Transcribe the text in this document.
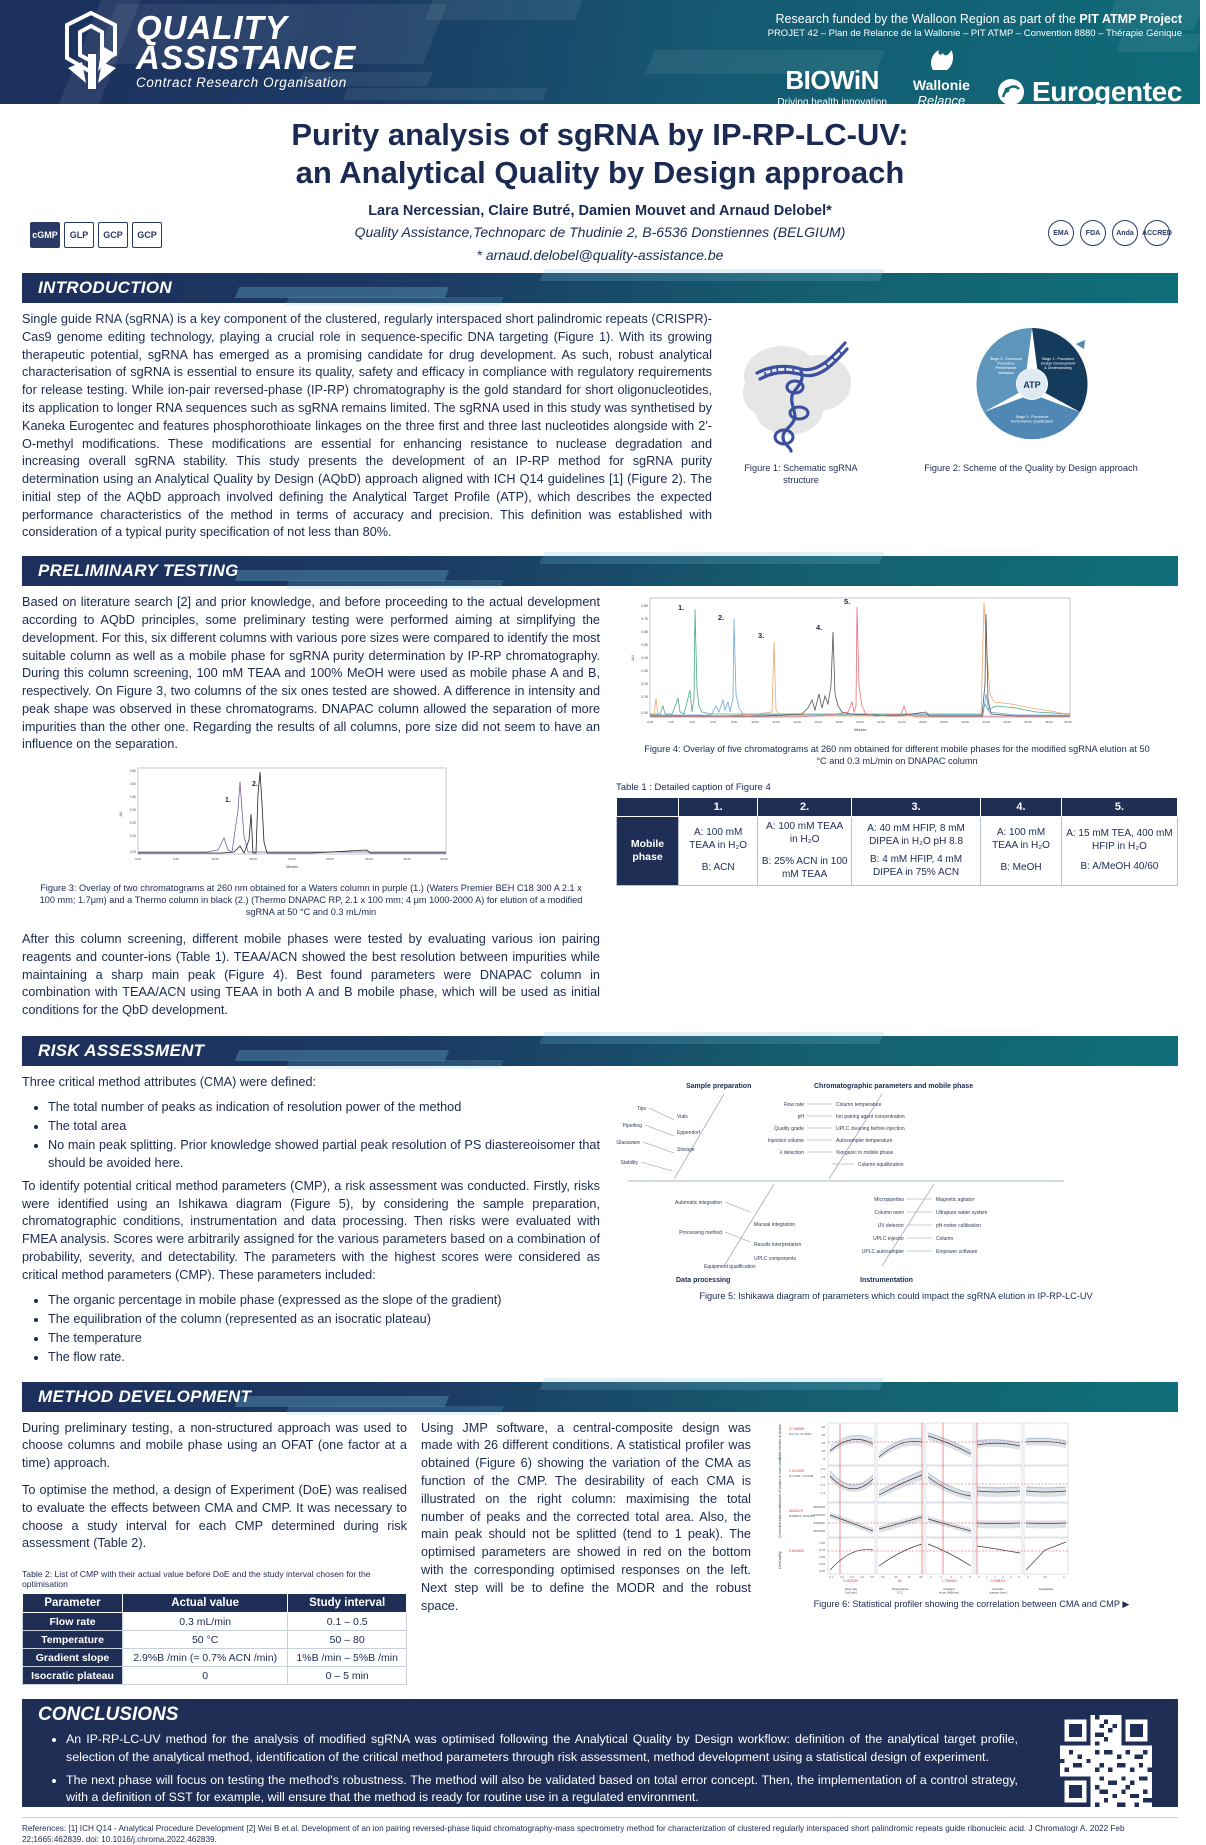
QUALITY
ASSISTANCE
Contract Research Organisation
Research funded by the Walloon Region as part of the PIT ATMP Project
PROJET 42 – Plan de Relance de la Wallonie – PIT ATMP – Convention 8880 – Thérapie Génique
BIOWiN
Driving health innovation
Wallonie
Relance Eurogentec
Purity analysis of sgRNA by IP-RP-LC-UV:
an Analytical Quality by Design approach
Lara Nercessian, Claire Butré, Damien Mouvet and Arnaud Delobel*
Quality Assistance,Technoparc de Thudinie 2, B-6536 Donstiennes (BELGIUM)
* arnaud.delobel@quality-assistance.be
cGMP	GLP	GCP	GCP	EMA	FDA	Anda	ACCRED
INTRODUCTION
Single guide RNA (sgRNA) is a key component of the clustered, regularly interspaced short palindromic repeats (CRISPR)-Cas9 genome editing technology, playing a crucial role in sequence-specific DNA targeting (Figure 1). With its growing therapeutic potential, sgRNA has emerged as a promising candidate for drug development. As such, robust analytical characterisation of sgRNA is essential to ensure its quality, safety and efficacy in compliance with regulatory requirements for release testing. While ion-pair reversed-phase (IP-RP) chromatography is the gold standard for short oligonucleotides, its application to longer RNA sequences such as sgRNA remains limited. The sgRNA used in this study was synthetised by Kaneka Eurogentec and features phosphorothioate linkages on the three first and three last nucleotides alongside with 2'-O-methyl modifications. These modifications are essential for enhancing resistance to nuclease degradation and increasing overall sgRNA stability. This study presents the development of an IP-RP method for sgRNA purity determination using an Analytical Quality by Design (AQbD) approach aligned with ICH Q14 guidelines [1] (Figure 2). The initial step of the AQbD approach involved defining the Analytical Target Profile (ATP), which describes the expected performance characteristics of the method in terms of accuracy and precision. This definition was established with consideration of a typical purity specification of not less than 80%.
Figure 1: Schematic sgRNA structure
ATP
Stage 1 : Procedure Design Development & Understanding
Stage 2 : Procedure Performance Qualification
Stage 3 : Continued Procedure Performance Validation
Figure 2: Scheme of the Quality by Design approach
PRELIMINARY TESTING
Based on literature search [2] and prior knowledge, and before proceeding to the actual development according to AQbD principles, some preliminary testing were performed aiming at simplifying the development. For this, six different columns with various pore sizes were compared to identify the most suitable column as well as a mobile phase for sgRNA purity determination by IP-RP chromatography. During this column screening, 100 mM TEAA and 100% MeOH were used as mobile phase A and B, respectively. On Figure 3, two columns of the six ones tested are showed. A difference in intensity and peak shape was observed in these chromatograms. DNAPAC column allowed the separation of more impurities than the other one. Regarding the results of all columns, pore size did not seem to have an influence on the separation.
0.60
0.50
0.40
0.30
0.20
0.10
0.00
AU
0.00	5.00	10.00	15.00	20.00	25.00	30.00	35.00	40.00
Minutes
1.
2.
Figure 3: Overlay of two chromatograms at 260 nm obtained for a Waters column in purple (1.) (Waters Premier BEH C18 300 A 2.1 x 100 mm; 1.7μm) and a Thermo column in black (2.) (Thermo DNAPAC RP, 2.1 x 100 mm; 4 μm 1000-2000 A) for elution of a modified sgRNA at 50 °C and 0.3 mL/min
After this column screening, different mobile phases were tested by evaluating various ion pairing reagents and counter-ions (Table 1). TEAA/ACN showed the best resolution between impurities while maintaining a sharp main peak (Figure 4). Best found parameters were DNAPAC column in combination with TEAA/ACN using TEAA in both A and B mobile phase, which will be used as initial conditions for the QbD development.
0.80
0.70
0.60
0.50
0.40
0.30
0.20
0.10
0.00
AU
0.00	2.00	4.00	6.00	8.00	10.00	12.00	14.00	16.00	18.00	20.00	22.00	24.00	26.00	28.00	30.00	32.00	34.00	36.00	38.00	40.00
Minutes
1.
2.
3.
4.
5.
Figure 4: Overlay of five chromatograms at 260 nm obtained for different mobile phases for the modified sgRNA elution at 50 °C and 0.3 mL/min on DNAPAC column
Table 1 : Detailed caption of Figure 4
	1.	2.	3.	4.	5.
Mobile phase	
A: 100 mM TEAA in H₂O
B: ACN

A: 100 mM TEAA in H₂O
B: 25% ACN in 100 mM TEAA

A: 40 mM HFIP, 8 mM DIPEA in H₂O pH 8.8
B: 4 mM HFIP, 4 mM DIPEA in 75% ACN

A: 100 mM TEAA in H₂O
B: MeOH

A: 15 mM TEA, 400 mM HFIP in H₂O
B: A/MeOH 40/60
RISK ASSESSMENT
Three critical method attributes (CMA) were defined:
• The total number of peaks as indication of resolution power of the method
• The total area
• No main peak splitting. Prior knowledge showed partial peak resolution of PS diastereoisomer that should be avoided here.
To identify potential critical method parameters (CMP), a risk assessment was conducted. Firstly, risks were identified using an Ishikawa diagram (Figure 5), by considering the sample preparation, chromatographic conditions, instrumentation and data processing. Then risks were evaluated with FMEA analysis. Scores were arbitrarily assigned for the various parameters based on a combination of probability, severity, and detectability. The parameters with the highest scores were considered as critical method parameters (CMP). These parameters included:
• The organic percentage in mobile phase (expressed as the slope of the gradient)
• The equilibration of the column (represented as an isocratic plateau)
• The temperature
• The flow rate.
Sample preparation	Chromatographic parameters and mobile phase
Data processing	Instrumentation
Tips
Vials
Pipetting
Eppendorf
Glassware
Storage
Stability
Flow rate	Column temperature
pH	Ion pairing agent concentration
Quality grade	UPLC cleaning before injection
Injection volume	Autosampler temperature
λ detection	%organic in mobile phase
Column equilibration
Automatic integration
Manual integration
Processing method
Results interpretation
UPLC components
Equipment qualification
Micropipettes	Magnetic agitator
Column oven	Ultrapure water system
UV detector	pH-meter calibration
UPLC injector	Column
UPLC autosampler	Empower software
Figure 5: Ishikawa diagram of parameters which could impact the sgRNA elution in IP-RP-LC-UV
METHOD DEVELOPMENT
During preliminary testing, a non-structured approach was used to choose columns and mobile phase using an OFAT (one factor at a time) approach.
To optimise the method, a design of Experiment (DoE) was realised to evaluate the effects between CMA and CMP. It was necessary to choose a study interval for each CMP determined during risk assessment (Table 2).
Table 2: List of CMP with their actual value before DoE and the study interval chosen for the optimisation
Parameter	Actual value	Study interval
Flow rate	0.3 mL/min	0.1 – 0.5
Temperature	50 °C	50 – 80
Gradient slope	2.9%B /min (= 0.7% ACN /min)	1%B /min – 5%B /min
Isocratic plateau	0	0 – 5 min
Using JMP software, a central-composite design was made with 26 different conditions. A statistical profiler was obtained (Figure 6) showing the variation of the CMA as function of the CMP. The desirability of each CMA is illustrated on the right column: maximising the total number of peaks and the corrected total area. Also, the main peak should not be splitted (tend to 1 peak). The optimised parameters are showed in red on the bottom with the corresponding optimised responses on the left. Next step will be to define the MODR and the robust space.
Total number of peaks
Number of peaks in main peak
Corrected total area
Desirability
27.59959
1.001005
5630370
0.844401
[23.716, 31.4831]
[0.47065, 1.53138]
[5458804, 5801680]
40
32
24
16
8
2.5
2.0
1.5
1.2
5800000
5700000
5400000
5100000
1.00
0.75
0.50
0.25
0.00
0.1	0.2 0.3 0.4 0.5	50	60	70	80	1	2	3	4	5	0	1	2	3	4	5	0	0.5	1
0.2100357	80	1.7294604	0.0308119
Flow rate [mL/min]
Temperature [°C]
Gradient slope [%B/min]
Isocratic plateau [min]
Desirability
Figure 6: Statistical profiler showing the correlation between CMA and CMP ▶
CONCLUSIONS
• An IP-RP-LC-UV method for the analysis of modified sgRNA was optimised following the Analytical Quality by Design workflow: definition of the analytical target profile, selection of the analytical method, identification of the critical method parameters through risk assessment, method development using a statistical design of experiment.
• The next phase will focus on testing the method's robustness. The method will also be validated based on total error concept. Then, the implementation of a control strategy, with a definition of SST for example, will ensure that the method is ready for routine use in a regulated environment.
References: [1] ICH Q14 - Analytical Procedure Development [2] Wei B et al. Development of an ion pairing reversed-phase liquid chromatography-mass spectrometry method for characterization of clustered regularly interspaced short palindromic repeats guide ribonucleic acid. J Chromatogr A. 2022 Feb 22;1665:462839. doi: 10.1016/j.chroma.2022.462839.
